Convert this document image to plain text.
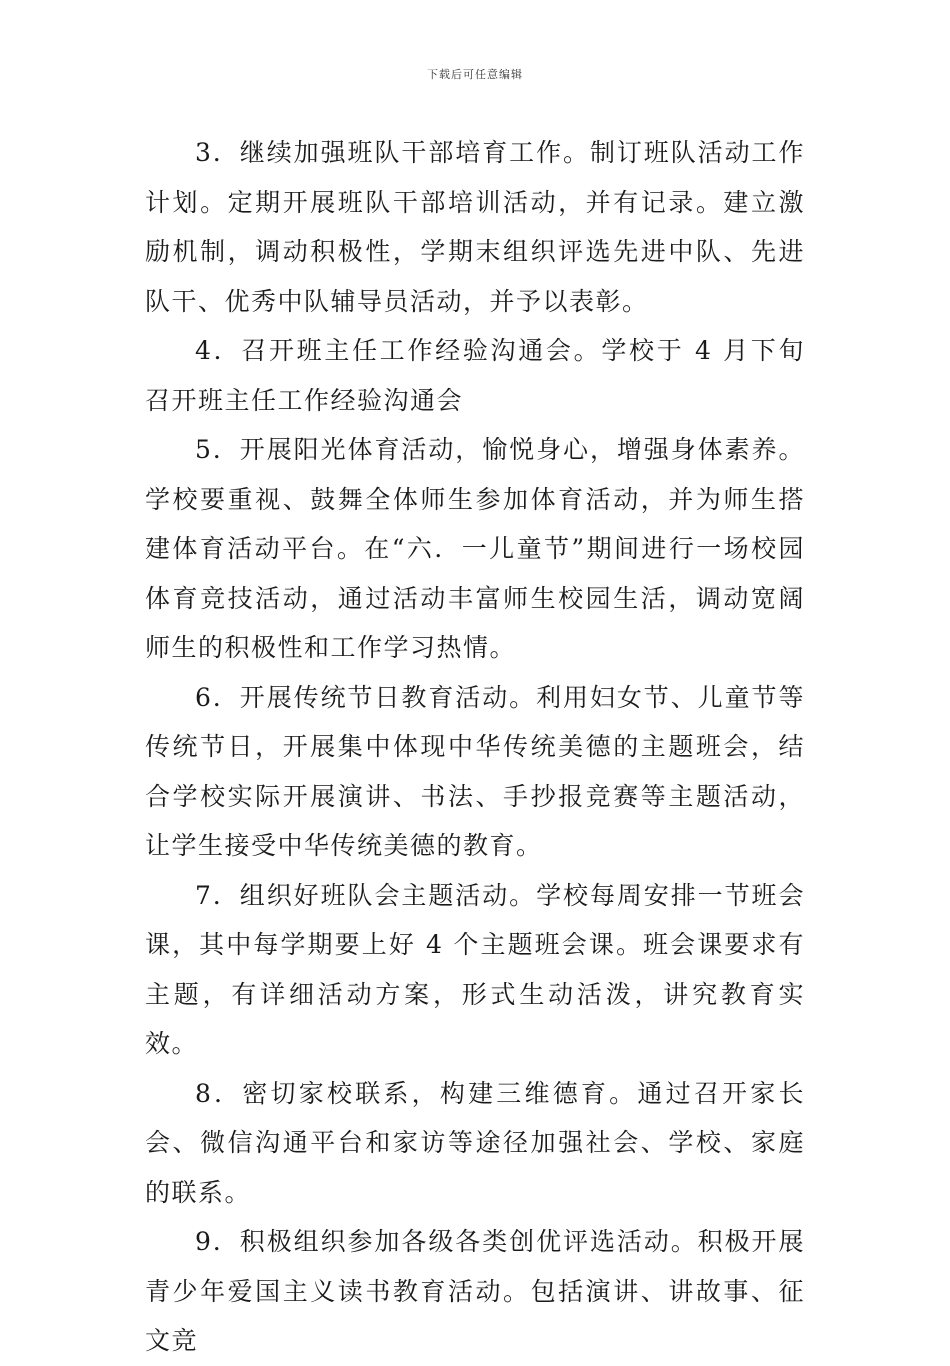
下载后可任意编辑

3．继续加强班队干部培育工作。制订班队活动工作计划。定期开展班队干部培训活动，并有记录。建立激励机制，调动积极性，学期末组织评选先进中队、先进队干、优秀中队辅导员活动，并予以表彰。

4．召开班主任工作经验沟通会。学校于 4 月下旬召开班主任工作经验沟通会

5．开展阳光体育活动，愉悦身心，增强身体素养。学校要重视、鼓舞全体师生参加体育活动，并为师生搭建体育活动平台。在“六．一儿童节”期间进行一场校园体育竞技活动，通过活动丰富师生校园生活，调动宽阔师生的积极性和工作学习热情。

6．开展传统节日教育活动。利用妇女节、儿童节等传统节日，开展集中体现中华传统美德的主题班会，结合学校实际开展演讲、书法、手抄报竞赛等主题活动，让学生接受中华传统美德的教育。

7．组织好班队会主题活动。学校每周安排一节班会课，其中每学期要上好 4 个主题班会课。班会课要求有主题，有详细活动方案，形式生动活泼，讲究教育实效。

8．密切家校联系，构建三维德育。通过召开家长会、微信沟通平台和家访等途径加强社会、学校、家庭的联系。

9．积极组织参加各级各类创优评选活动。积极开展青少年爱国主义读书教育活动。包括演讲、讲故事、征文竞
